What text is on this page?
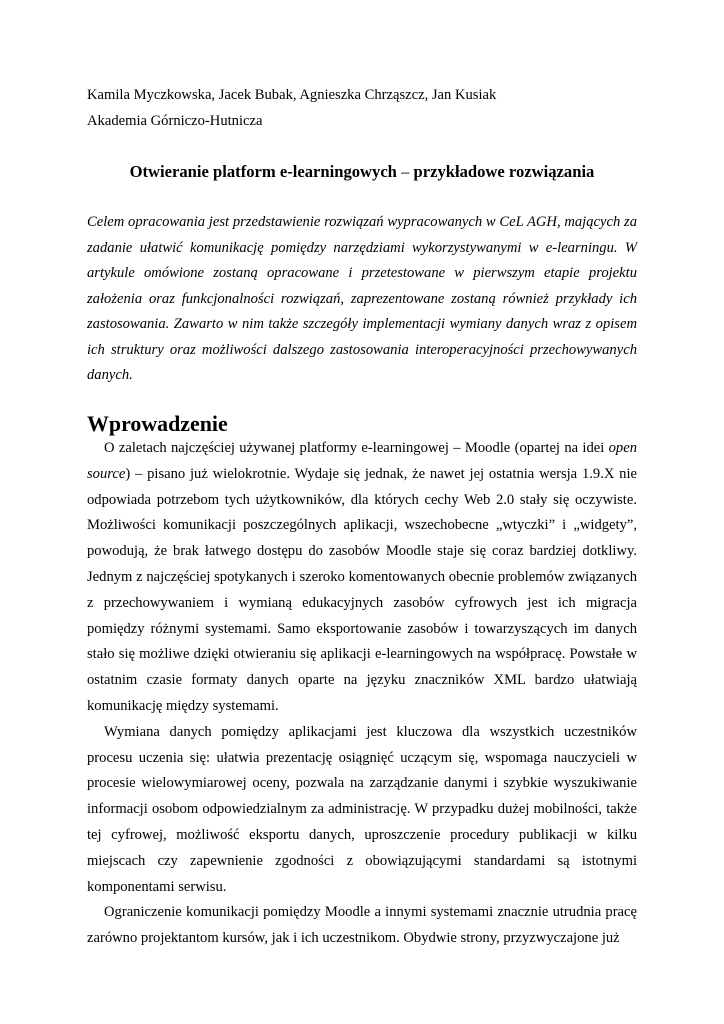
Kamila Myczkowska, Jacek Bubak, Agnieszka Chrząszcz, Jan Kusiak

Akademia Górniczo-Hutnicza

Otwieranie platform e-learningowych – przykładowe rozwiązania

Celem opracowania jest przedstawienie rozwiązań wypracowanych w CeL AGH, mających za zadanie ułatwić komunikację pomiędzy narzędziami wykorzystywanymi w e-learningu. W artykule omówione zostaną opracowane i przetestowane w pierwszym etapie projektu założenia oraz funkcjonalności rozwiązań, zaprezentowane zostaną również przykłady ich zastosowania. Zawarto w nim także szczegóły implementacji wymiany danych wraz z opisem ich struktury oraz możliwości dalszego zastosowania interoperacyjności przechowywanych danych.

Wprowadzenie

O zaletach najczęściej używanej platformy e-learningowej – Moodle (opartej na idei open source) – pisano już wielokrotnie. Wydaje się jednak, że nawet jej ostatnia wersja 1.9.X nie odpowiada potrzebom tych użytkowników, dla których cechy Web 2.0 stały się oczywiste. Możliwości komunikacji poszczególnych aplikacji, wszechobecne „wtyczki” i „widgety”, powodują, że brak łatwego dostępu do zasobów Moodle staje się coraz bardziej dotkliwy. Jednym z najczęściej spotykanych i szeroko komentowanych obecnie problemów związanych z przechowywaniem i wymianą edukacyjnych zasobów cyfrowych jest ich migracja pomiędzy różnymi systemami. Samo eksportowanie zasobów i towarzyszących im danych stało się możliwe dzięki otwieraniu się aplikacji e-learningowych na współpracę. Powstałe w ostatnim czasie formaty danych oparte na języku znaczników XML bardzo ułatwiają komunikację między systemami.

Wymiana danych pomiędzy aplikacjami jest kluczowa dla wszystkich uczestników procesu uczenia się: ułatwia prezentację osiągnięć uczącym się, wspomaga nauczycieli w procesie wielowymiarowej oceny, pozwala na zarządzanie danymi i szybkie wyszukiwanie informacji osobom odpowiedzialnym za administrację. W przypadku dużej mobilności, także tej cyfrowej, możliwość eksportu danych, uproszczenie procedury publikacji w kilku miejscach czy zapewnienie zgodności z obowiązującymi standardami są istotnymi komponentami serwisu.

Ograniczenie komunikacji pomiędzy Moodle a innymi systemami znacznie utrudnia pracę zarówno projektantom kursów, jak i ich uczestnikom. Obydwie strony, przyzwyczajone już
